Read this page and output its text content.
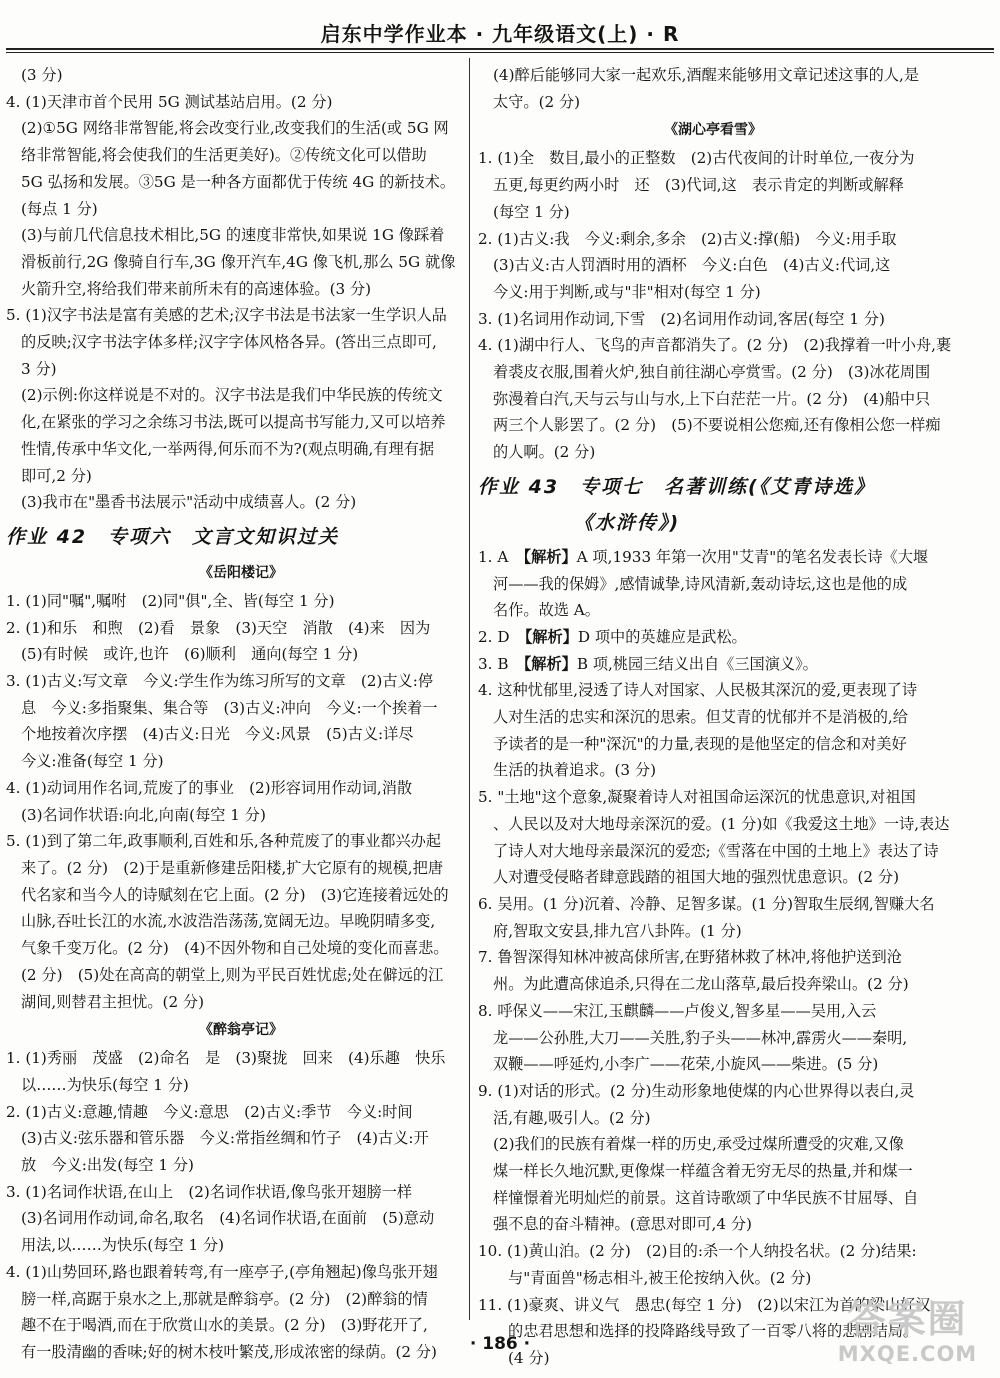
启东中学作业本 · 九年级语文(上) · R
(3 分)
4. (1)天津市首个民用 5G 测试基站启用。(2 分)
(2)①5G 网络非常智能,将会改变行业,改变我们的生活(或 5G 网
络非常智能,将会使我们的生活更美好)。②传统文化可以借助
5G 弘扬和发展。③5G 是一种各方面都优于传统 4G 的新技术。
(每点 1 分)
(3)与前几代信息技术相比,5G 的速度非常快,如果说 1G 像踩着
滑板前行,2G 像骑自行车,3G 像开汽车,4G 像飞机,那么 5G 就像
火箭升空,将给我们带来前所未有的高速体验。(3 分)
5. (1)汉字书法是富有美感的艺术;汉字书法是书法家一生学识人品
的反映;汉字书法字体多样;汉字字体风格各异。(答出三点即可,
3 分)
(2)示例:你这样说是不对的。汉字书法是我们中华民族的传统文
化,在紧张的学习之余练习书法,既可以提高书写能力,又可以培养
性情,传承中华文化,一举两得,何乐而不为?(观点明确,有理有据
即可,2 分)
(3)我市在"墨香书法展示"活动中成绩喜人。(2 分)
作业 42　专项六　文言文知识过关
《岳阳楼记》
1. (1)同"嘱",嘱咐　(2)同"俱",全、皆(每空 1 分)
2. (1)和乐　和煦　(2)看　景象　(3)天空　消散　(4)来　因为
(5)有时候　或许,也许　(6)顺利　通向(每空 1 分)
3. (1)古义:写文章　今义:学生作为练习所写的文章　(2)古义:停
息　今义:多指聚集、集合等　(3)古义:冲向　今义:一个挨着一
个地按着次序摆　(4)古义:日光　今义:风景　(5)古义:详尽
今义:准备(每空 1 分)
4. (1)动词用作名词,荒废了的事业　(2)形容词用作动词,消散
(3)名词作状语:向北,向南(每空 1 分)
5. (1)到了第二年,政事顺利,百姓和乐,各种荒废了的事业都兴办起
来了。(2 分)　(2)于是重新修建岳阳楼,扩大它原有的规模,把唐
代名家和当今人的诗赋刻在它上面。(2 分)　(3)它连接着远处的
山脉,吞吐长江的水流,水波浩浩荡荡,宽阔无边。早晚阴晴多变,
气象千变万化。(2 分)　(4)不因外物和自己处境的变化而喜悲。
(2 分)　(5)处在高高的朝堂上,则为平民百姓忧虑;处在僻远的江
湖间,则替君主担忧。(2 分)
《醉翁亭记》
1. (1)秀丽　茂盛　(2)命名　是　(3)聚拢　回来　(4)乐趣　快乐
以……为快乐(每空 1 分)
2. (1)古义:意趣,情趣　今义:意思　(2)古义:季节　今义:时间
(3)古义:弦乐器和管乐器　今义:常指丝绸和竹子　(4)古义:开
放　今义:出发(每空 1 分)
3. (1)名词作状语,在山上　(2)名词作状语,像鸟张开翅膀一样
(3)名词用作动词,命名,取名　(4)名词作状语,在面前　(5)意动
用法,以……为快乐(每空 1 分)
4. (1)山势回环,路也跟着转弯,有一座亭子,(亭角翘起)像鸟张开翅
膀一样,高踞于泉水之上,那就是醉翁亭。(2 分)　(2)醉翁的情
趣不在于喝酒,而在于欣赏山水的美景。(2 分)　(3)野花开了,
有一股清幽的香味;好的树木枝叶繁茂,形成浓密的绿荫。(2 分)
(4)醉后能够同大家一起欢乐,酒醒来能够用文章记述这事的人,是
太守。(2 分)
《湖心亭看雪》
1. (1)全　数目,最小的正整数　(2)古代夜间的计时单位,一夜分为
五更,每更约两小时　还　(3)代词,这　表示肯定的判断或解释
(每空 1 分)
2. (1)古义:我　今义:剩余,多余　(2)古义:撑(船)　今义:用手取
(3)古义:古人罚酒时用的酒杯　今义:白色　(4)古义:代词,这
今义:用于判断,或与"非"相对(每空 1 分)
3. (1)名词用作动词,下雪　(2)名词用作动词,客居(每空 1 分)
4. (1)湖中行人、飞鸟的声音都消失了。(2 分)　(2)我撑着一叶小舟,裹
着裘皮衣服,围着火炉,独自前往湖心亭赏雪。(2 分)　(3)冰花周围
弥漫着白汽,天与云与山与水,上下白茫茫一片。(2 分)　(4)船中只
两三个人影罢了。(2 分)　(5)不要说相公您痴,还有像相公您一样痴
的人啊。(2 分)
作业 43　专项七　名著训练(《艾青诗选》
《水浒传》)
1. A　【解析】A 项,1933 年第一次用"艾青"的笔名发表长诗《大堰
河——我的保姆》,感情诚挚,诗风清新,轰动诗坛,这也是他的成
名作。故选 A。
2. D　【解析】D 项中的英雄应是武松。
3. B　【解析】B 项,桃园三结义出自《三国演义》。
4. 这种忧郁里,浸透了诗人对国家、人民极其深沉的爱,更表现了诗
人对生活的忠实和深沉的思索。但艾青的忧郁并不是消极的,给
予读者的是一种"深沉"的力量,表现的是他坚定的信念和对美好
生活的执着追求。(3 分)
5. "土地"这个意象,凝聚着诗人对祖国命运深沉的忧患意识,对祖国
、人民以及对大地母亲深沉的爱。(1 分)如《我爱这土地》一诗,表达
了诗人对大地母亲最深沉的爱恋;《雪落在中国的土地上》表达了诗
人对遭受侵略者肆意践踏的祖国大地的强烈忧患意识。(2 分)
6. 吴用。(1 分)沉着、冷静、足智多谋。(1 分)智取生辰纲,智赚大名
府,智取文安县,排九宫八卦阵。(1 分)
7. 鲁智深得知林冲被高俅所害,在野猪林救了林冲,将他护送到沧
州。为此遭高俅追杀,只得在二龙山落草,最后投奔梁山。(2 分)
8. 呼保义——宋江,玉麒麟——卢俊义,智多星——吴用,入云
龙——公孙胜,大刀——关胜,豹子头——林冲,霹雳火——秦明,
双鞭——呼延灼,小李广——花荣,小旋风——柴进。(5 分)
9. (1)对话的形式。(2 分)生动形象地使煤的内心世界得以表白,灵
活,有趣,吸引人。(2 分)
(2)我们的民族有着煤一样的历史,承受过煤所遭受的灾难,又像
煤一样长久地沉默,更像煤一样蕴含着无穷无尽的热量,并和煤一
样憧憬着光明灿烂的前景。这首诗歌颂了中华民族不甘屈辱、自
强不息的奋斗精神。(意思对即可,4 分)
10. (1)黄山泊。(2 分)　(2)目的:杀一个人纳投名状。(2 分)结果:
与"青面兽"杨志相斗,被王伦按纳入伙。(2 分)
11. (1)豪爽、讲义气　愚忠(每空 1 分)　(2)以宋江为首的梁山好汉
的忠君思想和选择的投降路线导致了一百零八将的悲剧结局。
(4 分)
· 186 ·
答案圈
MXQE.COM
